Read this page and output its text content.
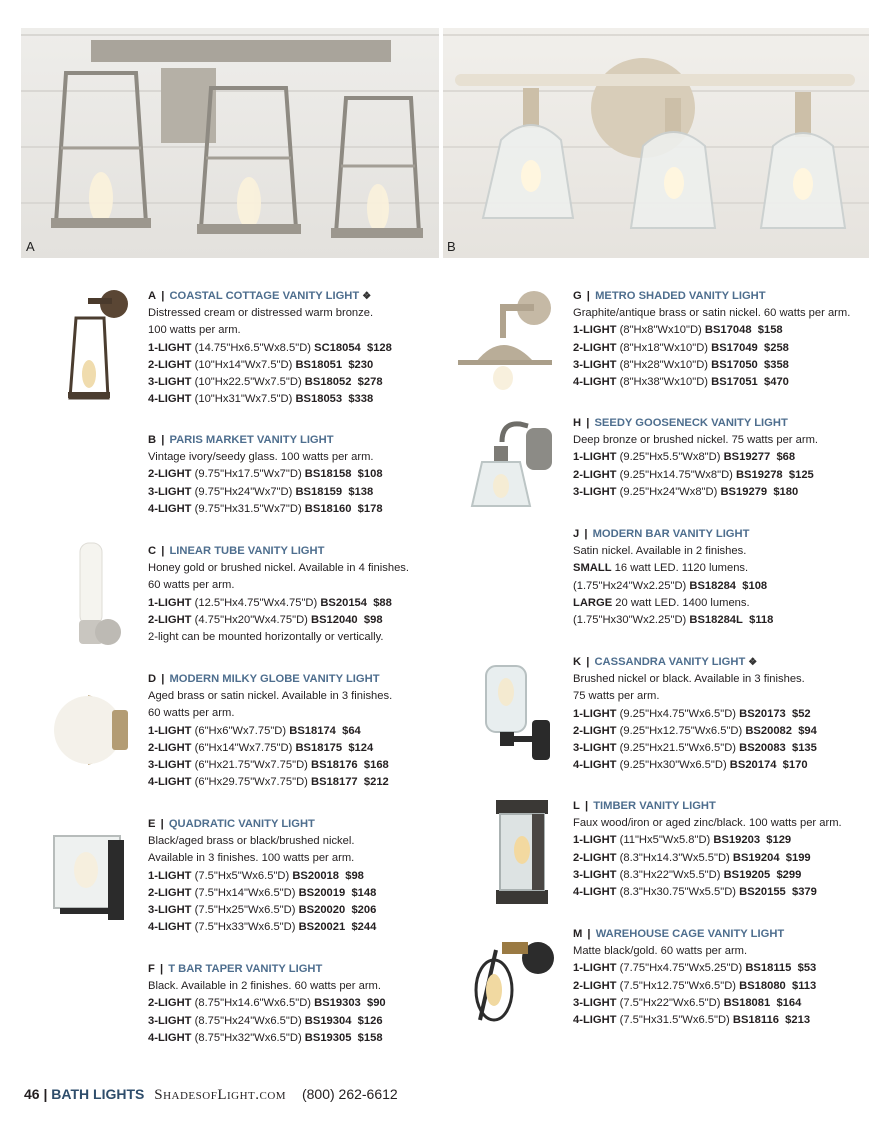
A	B
A | COASTAL COTTAGE VANITY LIGHT ❖
Distressed cream or distressed warm bronze.
100 watts per arm.
1-LIGHT (14.75"Hx6.5"Wx8.5"D) SC18054 $128
2-LIGHT (10"Hx14"Wx7.5"D) BS18051 $230
3-LIGHT (10"Hx22.5"Wx7.5"D) BS18052 $278
4-LIGHT (10"Hx31"Wx7.5"D) BS18053 $338
B | PARIS MARKET VANITY LIGHT
Vintage ivory/seedy glass. 100 watts per arm.
2-LIGHT (9.75"Hx17.5"Wx7"D) BS18158 $108
3-LIGHT (9.75"Hx24"Wx7"D) BS18159 $138
4-LIGHT (9.75"Hx31.5"Wx7"D) BS18160 $178
C | LINEAR TUBE VANITY LIGHT
Honey gold or brushed nickel. Available in 4 finishes.
60 watts per arm.
1-LIGHT (12.5"Hx4.75"Wx4.75"D) BS20154 $88
2-LIGHT (4.75"Hx20"Wx4.75"D) BS12040 $98
2-light can be mounted horizontally or vertically.
D | MODERN MILKY GLOBE VANITY LIGHT
Aged brass or satin nickel. Available in 3 finishes.
60 watts per arm.
1-LIGHT (6"Hx6"Wx7.75"D) BS18174 $64
2-LIGHT (6"Hx14"Wx7.75"D) BS18175 $124
3-LIGHT (6"Hx21.75"Wx7.75"D) BS18176 $168
4-LIGHT (6"Hx29.75"Wx7.75"D) BS18177 $212
E | QUADRATIC VANITY LIGHT
Black/aged brass or black/brushed nickel.
Available in 3 finishes. 100 watts per arm.
1-LIGHT (7.5"Hx5"Wx6.5"D) BS20018 $98
2-LIGHT (7.5"Hx14"Wx6.5"D) BS20019 $148
3-LIGHT (7.5"Hx25"Wx6.5"D) BS20020 $206
4-LIGHT (7.5"Hx33"Wx6.5"D) BS20021 $244
F | T BAR TAPER VANITY LIGHT
Black. Available in 2 finishes. 60 watts per arm.
2-LIGHT (8.75"Hx14.6"Wx6.5"D) BS19303 $90
3-LIGHT (8.75"Hx24"Wx6.5"D) BS19304 $126
4-LIGHT (8.75"Hx32"Wx6.5"D) BS19305 $158
G | METRO SHADED VANITY LIGHT
Graphite/antique brass or satin nickel. 60 watts per arm.
1-LIGHT (8"Hx8"Wx10"D) BS17048 $158
2-LIGHT (8"Hx18"Wx10"D) BS17049 $258
3-LIGHT (8"Hx28"Wx10"D) BS17050 $358
4-LIGHT (8"Hx38"Wx10"D) BS17051 $470
H | SEEDY GOOSENECK VANITY LIGHT
Deep bronze or brushed nickel. 75 watts per arm.
1-LIGHT (9.25"Hx5.5"Wx8"D) BS19277 $68
2-LIGHT (9.25"Hx14.75"Wx8"D) BS19278 $125
3-LIGHT (9.25"Hx24"Wx8"D) BS19279 $180
J | MODERN BAR VANITY LIGHT
Satin nickel. Available in 2 finishes.
SMALL 16 watt LED. 1120 lumens.
(1.75"Hx24"Wx2.25"D) BS18284 $108
LARGE 20 watt LED. 1400 lumens.
(1.75"Hx30"Wx2.25"D) BS18284L $118
K | CASSANDRA VANITY LIGHT ❖
Brushed nickel or black. Available in 3 finishes.
75 watts per arm.
1-LIGHT (9.25"Hx4.75"Wx6.5"D) BS20173 $52
2-LIGHT (9.25"Hx12.75"Wx6.5"D) BS20082 $94
3-LIGHT (9.25"Hx21.5"Wx6.5"D) BS20083 $135
4-LIGHT (9.25"Hx30"Wx6.5"D) BS20174 $170
L | TIMBER VANITY LIGHT
Faux wood/iron or aged zinc/black. 100 watts per arm.
1-LIGHT (11"Hx5"Wx5.8"D) BS19203 $129
2-LIGHT (8.3"Hx14.3"Wx5.5"D) BS19204 $199
3-LIGHT (8.3"Hx22"Wx5.5"D) BS19205 $299
4-LIGHT (8.3"Hx30.75"Wx5.5"D) BS20155 $379
M | WAREHOUSE CAGE VANITY LIGHT
Matte black/gold. 60 watts per arm.
1-LIGHT (7.75"Hx4.75"Wx5.25"D) BS18115 $53
2-LIGHT (7.5"Hx12.75"Wx6.5"D) BS18080 $113
3-LIGHT (7.5"Hx22"Wx6.5"D) BS18081 $164
4-LIGHT (7.5"Hx31.5"Wx6.5"D) BS18116 $213
46 | BATH LIGHTS ShadesofLight.com (800) 262-6612
